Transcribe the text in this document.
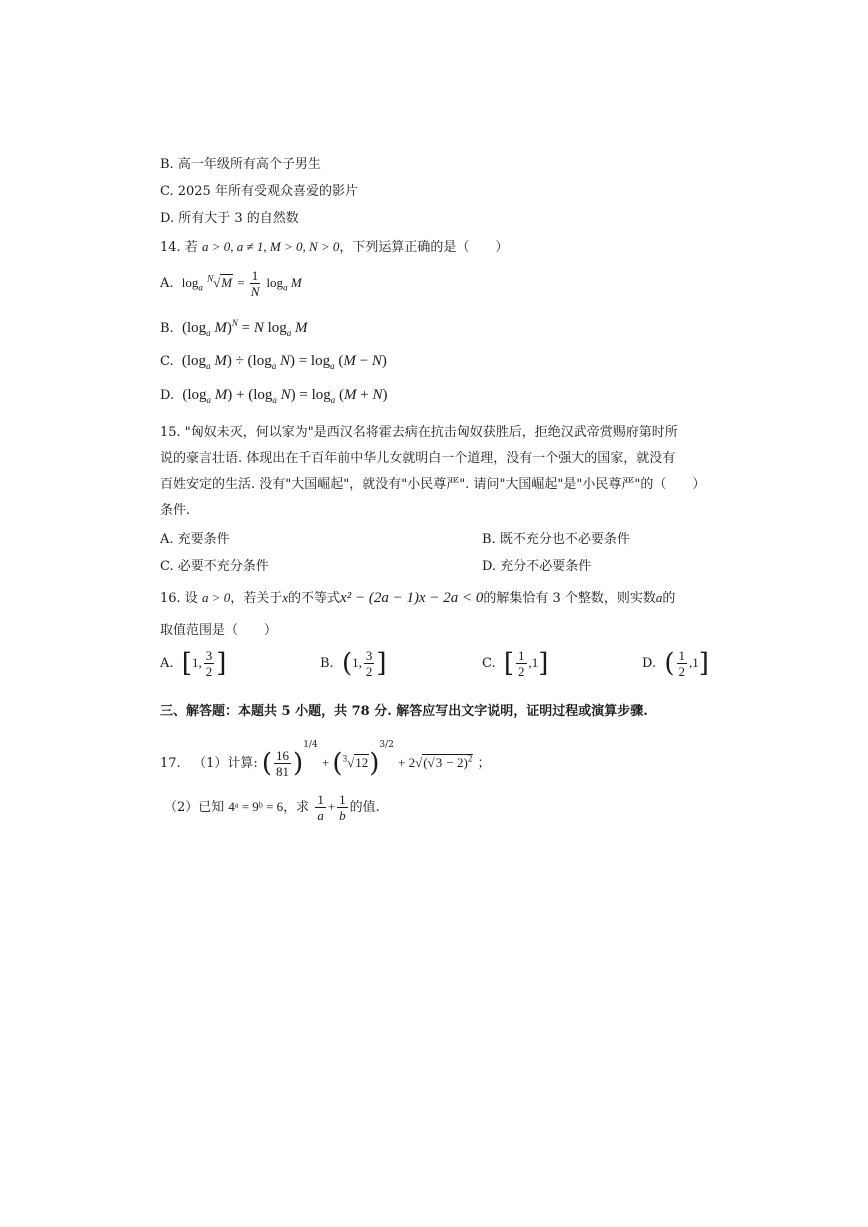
B. 高一年级所有高个子男生
C. 2025 年所有受观众喜爱的影片
D. 所有大于 3 的自然数
14. 若 a > 0, a ≠ 1, M > 0, N > 0，下列运算正确的是（　　）
A. $\log_a ^N√M = \frac{1}{N} \log_a M$
B. ($\log_a$ M)$^N$ = N $\log_a M$
C. ($\log_a$ $M) \div (\log_a$ $N) = \log_a (M - N)$
D. ($\log_a$ $M) + (\log_a$ $N) = \log_a (M + N)$
15. "匈奴未灭，何以家为"是西汉名将霍去病在抗击匈奴获胜后，拒绝汉武帝赏赐府第时所
说的豪言壮语. 体现出在千百年前中华儿女就明白一个道理，没有一个强大的国家，就没有
百姓安定的生活. 没有"大国崛起"，就没有"小民尊严". 请问"大国崛起"是"小民尊严"的（　　）
条件.
A. 充要条件	B. 既不充分也不必要条件
C. 必要不充分条件	D. 充分不必要条件
16. 设 a > 0，若关于x的不等式x² − (2a − 1)x − 2a < 0的解集恰有 3 个整数，则实数a的
取值范围是（　　）
A. [1, $\frac{3}{2}$ ]	B. (1, $\frac{3}{2}$ ]	C. [ $\frac{1}{2} ,1$]	D. ( $\frac{1}{2} ,1$]
三、解答题：本题共 5 小题，共 78 分. 解答应写出文字说明，证明过程或演算步骤.
17. （1）计算: ( $\frac{16}{81} )^{1/4} + (^3√12)^{3/2} + 2√(√3 - 2)^2$ ；
（2）已知 4ᵃ = 9ᵇ = 6，求 $\frac{1}{a} + \frac{1}{b}$ 的值.
